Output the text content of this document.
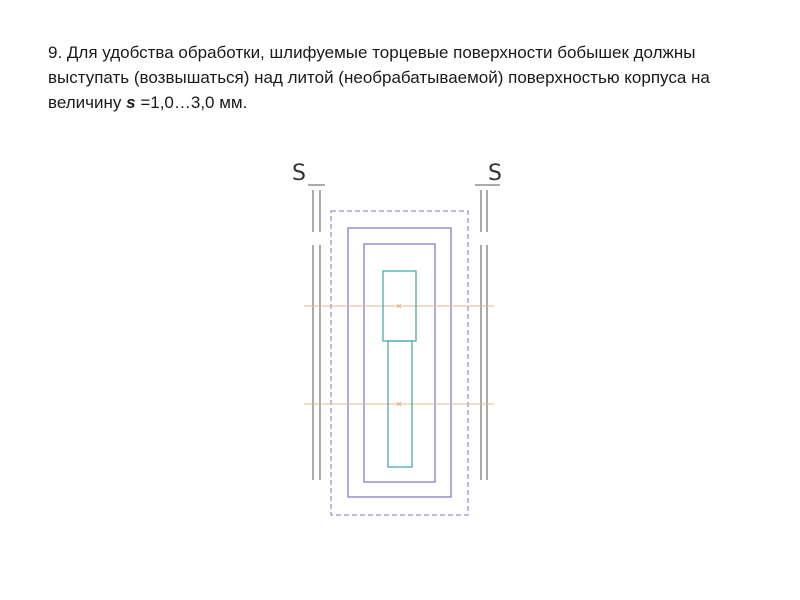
9. Для удобства обработки, шлифуемые торцевые поверхности бобышек должны выступать (возвышаться) над литой (необрабатываемой) поверхностью корпуса на величину s =1,0…3,0 мм.

S	S
